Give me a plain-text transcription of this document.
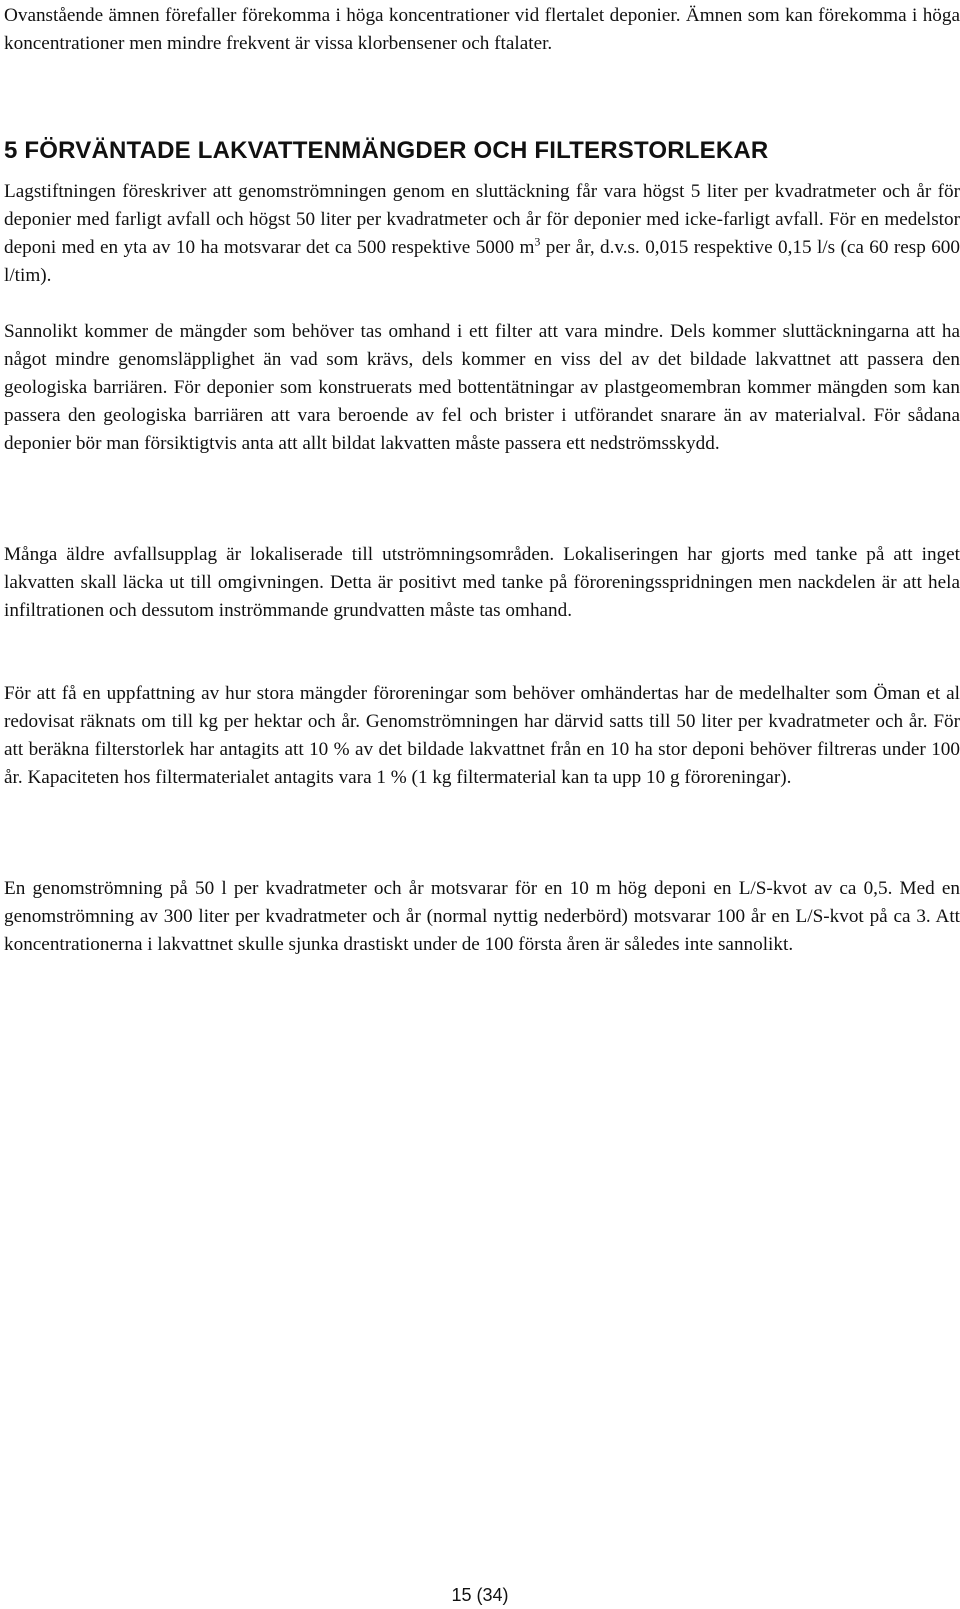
Ovanstående ämnen förefaller förekomma i höga koncentrationer vid flertalet deponier. Ämnen som kan förekomma i höga koncentrationer men mindre frekvent är vissa klorbensener och ftalater.

5 FÖRVÄNTADE LAKVATTENMÄNGDER OCH FILTERSTORLEKAR

Lagstiftningen föreskriver att genomströmningen genom en sluttäckning får vara högst 5 liter per kvadratmeter och år för deponier med farligt avfall och högst 50 liter per kvadratmeter och år för deponier med icke-farligt avfall. För en medelstor deponi med en yta av 10 ha motsvarar det ca 500 respektive 5000 $m^3$ per år, d.v.s. 0,015 respektive 0,15 l/s (ca 60 resp 600 l/tim).

Sannolikt kommer de mängder som behöver tas omhand i ett filter att vara mindre. Dels kommer sluttäckningarna att ha något mindre genomsläpplighet än vad som krävs, dels kommer en viss del av det bildade lakvattnet att passera den geologiska barriären. För deponier som konstruerats med bottentätningar av plastgeomembran kommer mängden som kan passera den geologiska barriären att vara beroende av fel och brister i utförandet snarare än av materialval. För sådana deponier bör man försiktigtvis anta att allt bildat lakvatten måste passera ett nedströmsskydd.

Många äldre avfallsupplag är lokaliserade till utströmningsområden. Lokaliseringen har gjorts med tanke på att inget lakvatten skall läcka ut till omgivningen. Detta är positivt med tanke på föroreningsspridningen men nackdelen är att hela infiltrationen och dessutom inströmmande grundvatten måste tas omhand.

För att få en uppfattning av hur stora mängder föroreningar som behöver omhändertas har de medelhalter som Öman et al redovisat räknats om till kg per hektar och år. Genomströmningen har därvid satts till 50 liter per kvadratmeter och år. För att beräkna filterstorlek har antagits att 10 % av det bildade lakvattnet från en 10 ha stor deponi behöver filtreras under 100 år. Kapaciteten hos filtermaterialet antagits vara 1 % (1 kg filtermaterial kan ta upp 10 g föroreningar).

En genomströmning på 50 l per kvadratmeter och år motsvarar för en 10 m hög deponi en L/S-kvot av ca 0,5. Med en genomströmning av 300 liter per kvadratmeter och år (normal nyttig nederbörd) motsvarar 100 år en L/S-kvot på ca 3. Att koncentrationerna i lakvattnet skulle sjunka drastiskt under de 100 första åren är således inte sannolikt.

15 (34)
